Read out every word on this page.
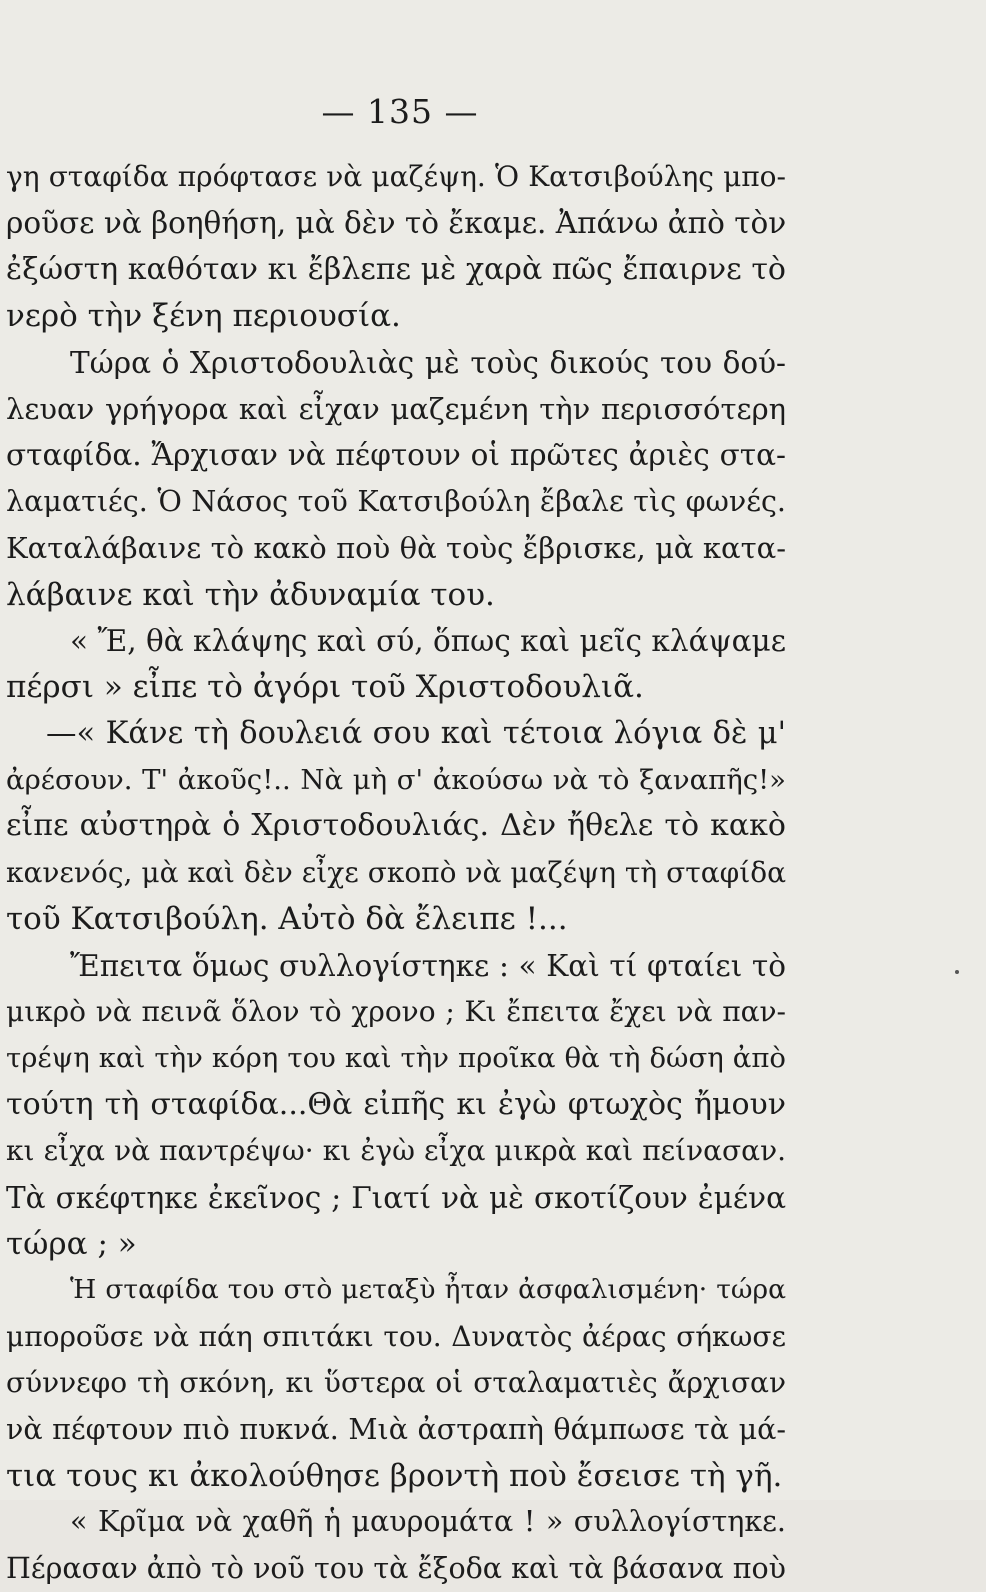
— 135 —
γη σταφίδα πρόφτασε νὰ μαζέψη. Ὁ Κατσιβούλης μπο-
ροῦσε νὰ βοηθήση, μὰ δὲν τὸ ἔκαμε. Ἀπάνω ἀπὸ τὸν
ἐξώστη καθόταν κι ἔβλεπε μὲ χαρὰ πῶς ἔπαιρνε τὸ
νερὸ τὴν ξένη περιουσία.
Τώρα ὁ Χριστοδουλιὰς μὲ τοὺς δικούς του δού-
λευαν γρήγορα καὶ εἶχαν μαζεμένη τὴν περισσότερη
σταφίδα. Ἄρχισαν νὰ πέφτουν οἱ πρῶτες ἀριὲς στα-
λαματιές. Ὁ Νάσος τοῦ Κατσιβούλη ἔβαλε τὶς φωνές.
Καταλάβαινε τὸ κακὸ ποὺ θὰ τοὺς ἔβρισκε, μὰ κατα-
λάβαινε καὶ τὴν ἀδυναμία του.
« Ἔ, θὰ κλάψης καὶ σύ, ὅπως καὶ μεῖς κλάψαμε
πέρσι » εἶπε τὸ ἀγόρι τοῦ Χριστοδουλιᾶ.
—« Κάνε τὴ δουλειά σου καὶ τέτοια λόγια δὲ μ'
ἀρέσουν. Τ' ἀκοῦς!.. Νὰ μὴ σ' ἀκούσω νὰ τὸ ξαναπῆς!»
εἶπε αὐστηρὰ ὁ Χριστοδουλιάς. Δὲν ἤθελε τὸ κακὸ
κανενός, μὰ καὶ δὲν εἶχε σκοπὸ νὰ μαζέψη τὴ σταφίδα
τοῦ Κατσιβούλη. Αὐτὸ δὰ ἔλειπε !...
Ἔπειτα ὅμως συλλογίστηκε : « Καὶ τί φταίει τὸ
μικρὸ νὰ πεινᾶ ὅλον τὸ χρονο ; Κι ἔπειτα ἔχει νὰ παν-
τρέψη καὶ τὴν κόρη του καὶ τὴν προῖκα θὰ τὴ δώση ἀπὸ
τούτη τὴ σταφίδα...Θὰ εἰπῆς κι ἐγὼ φτωχὸς ἤμουν
κι εἶχα νὰ παντρέψω· κι ἐγὼ εἶχα μικρὰ καὶ πείνασαν.
Τὰ σκέφτηκε ἐκεῖνος ; Γιατί νὰ μὲ σκοτίζουν ἐμένα
τώρα ; »
Ἡ σταφίδα του στὸ μεταξὺ ἦταν ἀσφαλισμένη· τώρα
μποροῦσε νὰ πάη σπιτάκι του. Δυνατὸς ἀέρας σήκωσε
σύννεφο τὴ σκόνη, κι ὕστερα οἱ σταλαματιὲς ἄρχισαν
νὰ πέφτουν πιὸ πυκνά. Μιὰ ἀστραπὴ θάμπωσε τὰ μά-
τια τους κι ἀκολούθησε βροντὴ ποὺ ἔσεισε τὴ γῆ.
« Κρῖμα νὰ χαθῆ ἡ μαυρομάτα ! » συλλογίστηκε.
Πέρασαν ἀπὸ τὸ νοῦ του τὰ ἔξοδα καὶ τὰ βάσανα ποὺ
